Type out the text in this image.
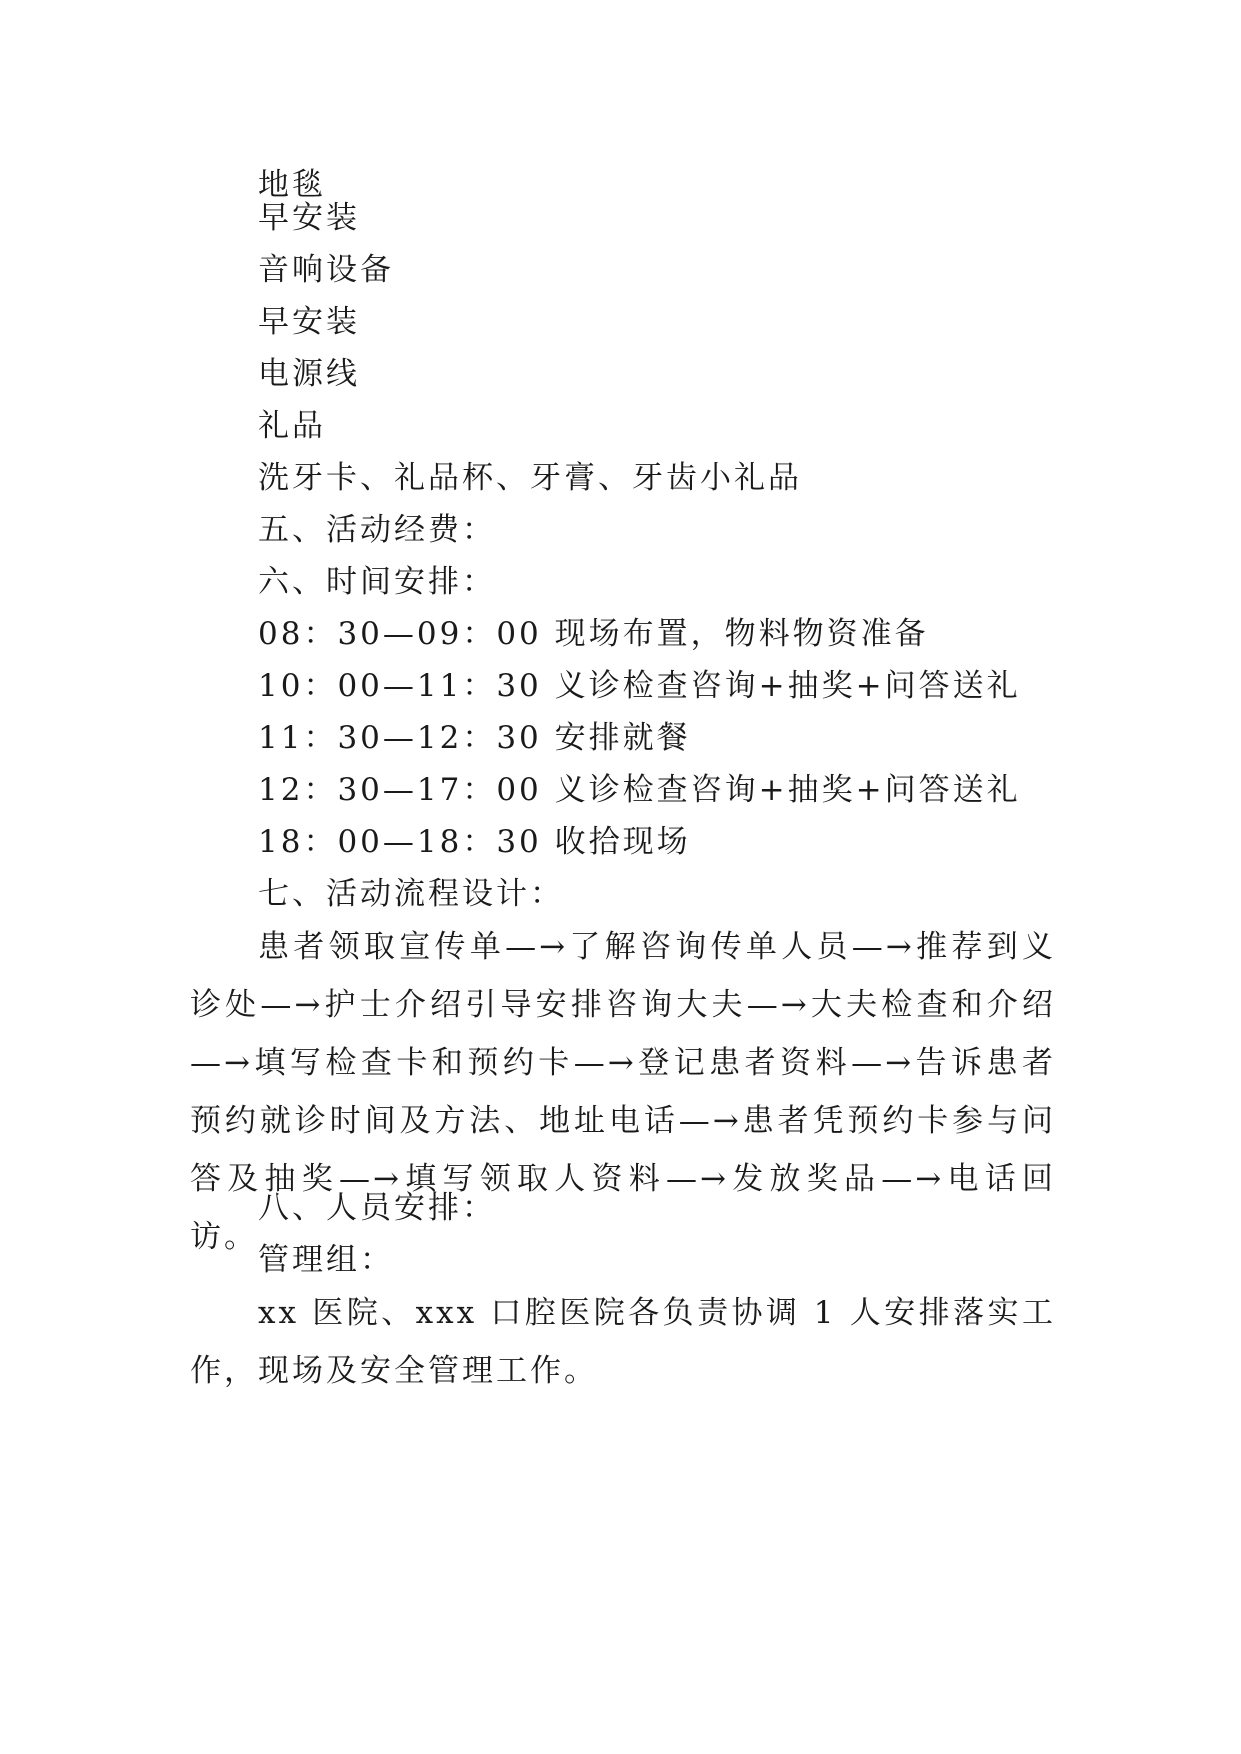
地毯
早安装
音响设备
早安装
电源线
礼品
洗牙卡、礼品杯、牙膏、牙齿小礼品
五、活动经费：
六、时间安排：
08：30—09：00 现场布置，物料物资准备
10：00—11：30 义诊检查咨询+抽奖+问答送礼
11：30—12：30 安排就餐
12：30—17：00 义诊检查咨询+抽奖+问答送礼
18：00—18：30 收拾现场
七、活动流程设计：
患者领取宣传单—→了解咨询传单人员—→推荐到义诊处—→护士介绍引导安排咨询大夫—→大夫检查和介绍—→填写检查卡和预约卡—→登记患者资料—→告诉患者预约就诊时间及方法、地址电话—→患者凭预约卡参与问答及抽奖—→填写领取人资料—→发放奖品—→电话回访。
八、人员安排：
管理组：
xx 医院、xxx 口腔医院各负责协调 1 人安排落实工作，现场及安全管理工作。
